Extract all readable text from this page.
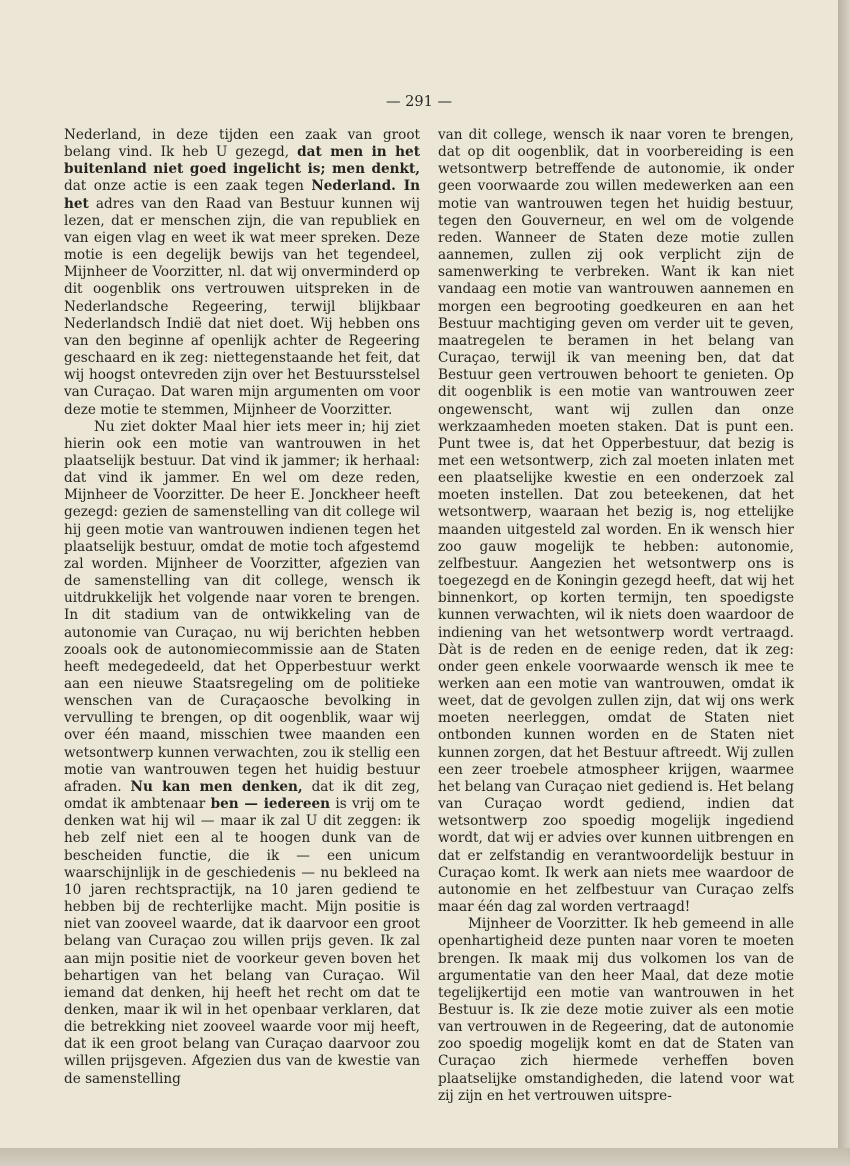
— 291 —

Nederland, in deze tijden een zaak van groot belang vind. Ik heb U gezegd, dat men in het buitenland niet goed ingelicht is; men denkt, dat onze actie is een zaak tegen Nederland. In het adres van den Raad van Bestuur kunnen wij lezen, dat er menschen zijn, die van republiek en van eigen vlag en weet ik wat meer spreken. Deze motie is een degelijk bewijs van het tegendeel, Mijnheer de Voorzitter, nl. dat wij onverminderd op dit oogenblik ons vertrouwen uitspreken in de Nederlandsche Regeering, terwijl blijkbaar Nederlandsch Indië dat niet doet. Wij hebben ons van den beginne af openlijk achter de Regeering geschaard en ik zeg: niettegenstaande het feit, dat wij hoogst ontevreden zijn over het Bestuursstelsel van Curaçao. Dat waren mijn argumenten om voor deze motie te stemmen, Mijnheer de Voorzitter.

Nu ziet dokter Maal hier iets meer in; hij ziet hierin ook een motie van wantrouwen in het plaatselijk bestuur. Dat vind ik jammer; ik herhaal: dat vind ik jammer. En wel om deze reden, Mijnheer de Voorzitter. De heer E. Jonckheer heeft gezegd: gezien de samenstelling van dit college wil hij geen motie van wantrouwen indienen tegen het plaatselijk bestuur, omdat de motie toch afgestemd zal worden. Mijnheer de Voorzitter, afgezien van de samenstelling van dit college, wensch ik uitdrukkelijk het volgende naar voren te brengen. In dit stadium van de ontwikkeling van de autonomie van Curaçao, nu wij berichten hebben zooals ook de autonomiecommissie aan de Staten heeft medegedeeld, dat het Opperbestuur werkt aan een nieuwe Staatsregeling om de politieke wenschen van de Curaçaosche bevolking in vervulling te brengen, op dit oogenblik, waar wij over één maand, misschien twee maanden een wetsontwerp kunnen verwachten, zou ik stellig een motie van wantrouwen tegen het huidig bestuur afraden. Nu kan men denken, dat ik dit zeg, omdat ik ambtenaar ben — iedereen is vrij om te denken wat hij wil — maar ik zal U dit zeggen: ik heb zelf niet een al te hoogen dunk van de bescheiden functie, die ik — een unicum waarschijnlijk in de geschiedenis — nu bekleed na 10 jaren rechtspractijk, na 10 jaren gediend te hebben bij de rechterlijke macht. Mijn positie is niet van zooveel waarde, dat ik daarvoor een groot belang van Curaçao zou willen prijs geven. Ik zal aan mijn positie niet de voorkeur geven boven het behartigen van het belang van Curaçao. Wil iemand dat denken, hij heeft het recht om dat te denken, maar ik wil in het openbaar verklaren, dat die betrekking niet zooveel waarde voor mij heeft, dat ik een groot belang van Curaçao daarvoor zou willen prijsgeven. Afgezien dus van de kwestie van de samenstelling

van dit college, wensch ik naar voren te brengen, dat op dit oogenblik, dat in voorbereiding is een wetsontwerp betreffende de autonomie, ik onder geen voorwaarde zou willen medewerken aan een motie van wantrouwen tegen het huidig bestuur, tegen den Gouverneur, en wel om de volgende reden. Wanneer de Staten deze motie zullen aannemen, zullen zij ook verplicht zijn de samenwerking te verbreken. Want ik kan niet vandaag een motie van wantrouwen aannemen en morgen een begrooting goedkeuren en aan het Bestuur machtiging geven om verder uit te geven, maatregelen te beramen in het belang van Curaçao, terwijl ik van meening ben, dat dat Bestuur geen vertrouwen behoort te genieten. Op dit oogenblik is een motie van wantrouwen zeer ongewenscht, want wij zullen dan onze werkzaamheden moeten staken. Dat is punt een. Punt twee is, dat het Opperbestuur, dat bezig is met een wetsontwerp, zich zal moeten inlaten met een plaatselijke kwestie en een onderzoek zal moeten instellen. Dat zou beteekenen, dat het wetsontwerp, waaraan het bezig is, nog ettelijke maanden uitgesteld zal worden. En ik wensch hier zoo gauw mogelijk te hebben: autonomie, zelfbestuur. Aangezien het wetsontwerp ons is toegezegd en de Koningin gezegd heeft, dat wij het binnenkort, op korten termijn, ten spoedigste kunnen verwachten, wil ik niets doen waardoor de indiening van het wetsontwerp wordt vertraagd. Dàt is de reden en de eenige reden, dat ik zeg: onder geen enkele voorwaarde wensch ik mee te werken aan een motie van wantrouwen, omdat ik weet, dat de gevolgen zullen zijn, dat wij ons werk moeten neerleggen, omdat de Staten niet ontbonden kunnen worden en de Staten niet kunnen zorgen, dat het Bestuur aftreedt. Wij zullen een zeer troebele atmospheer krijgen, waarmee het belang van Curaçao niet gediend is. Het belang van Curaçao wordt gediend, indien dat wetsontwerp zoo spoedig mogelijk ingediend wordt, dat wij er advies over kunnen uitbrengen en dat er zelfstandig en verantwoordelijk bestuur in Curaçao komt. Ik werk aan niets mee waardoor de autonomie en het zelfbestuur van Curaçao zelfs maar één dag zal worden vertraagd!

Mijnheer de Voorzitter. Ik heb gemeend in alle openhartigheid deze punten naar voren te moeten brengen. Ik maak mij dus volkomen los van de argumentatie van den heer Maal, dat deze motie tegelijkertijd een motie van wantrouwen in het Bestuur is. Ik zie deze motie zuiver als een motie van vertrouwen in de Regeering, dat de autonomie zoo spoedig mogelijk komt en dat de Staten van Curaçao zich hiermede verheffen boven plaatselijke omstandigheden, die latend voor wat zij zijn en het vertrouwen uitspre-
